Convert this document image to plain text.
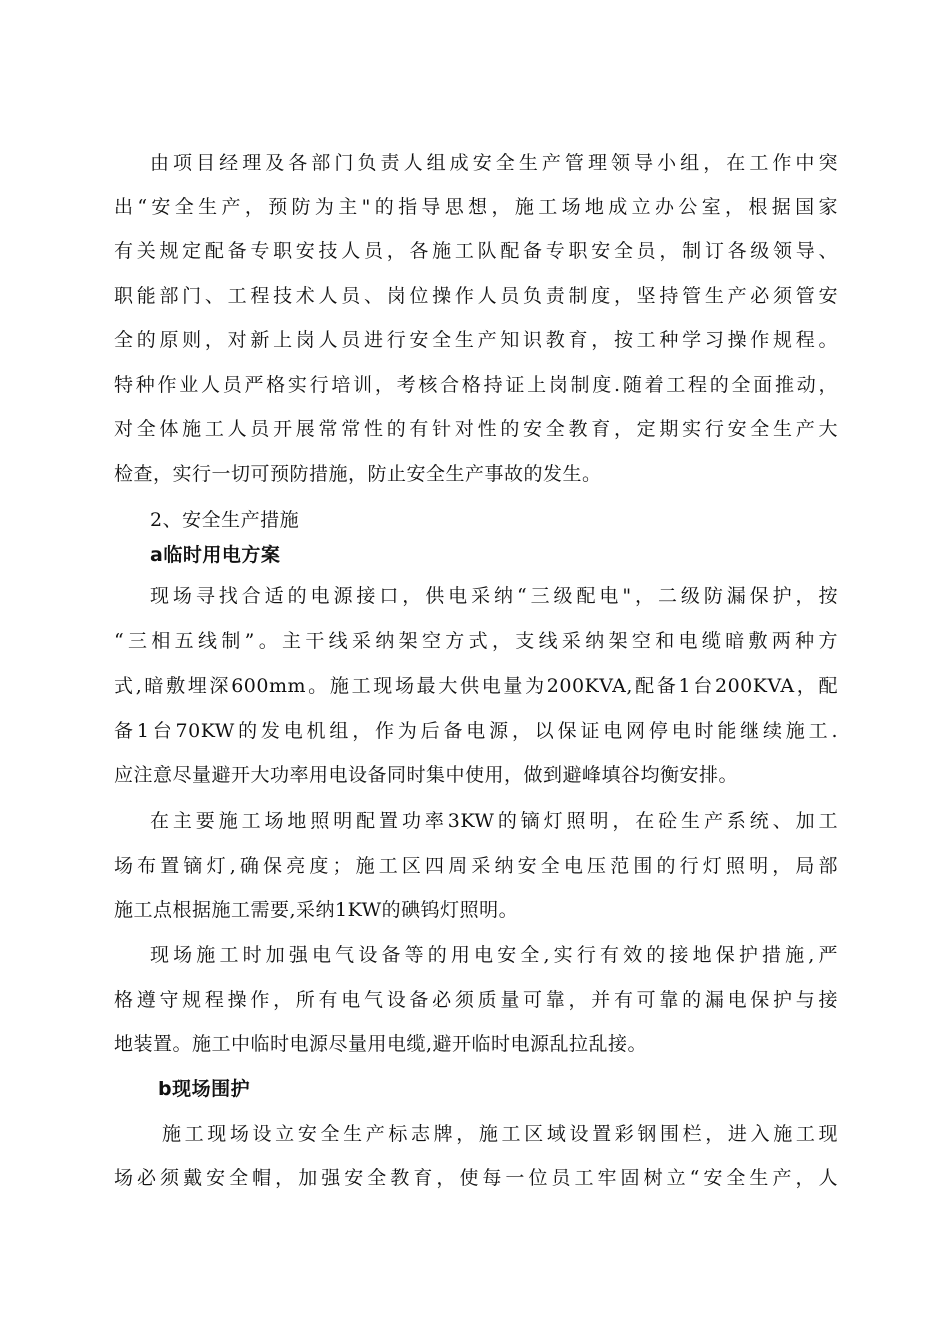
由项目经理及各部门负责人组成安全生产管理领导小组，在工作中突
出“安全生产，预防为主"的指导思想，施工场地成立办公室，根据国家
有关规定配备专职安技人员，各施工队配备专职安全员，制订各级领导、
职能部门、工程技术人员、岗位操作人员负责制度，坚持管生产必须管安
全的原则，对新上岗人员进行安全生产知识教育，按工种学习操作规程。
特种作业人员严格实行培训，考核合格持证上岗制度.随着工程的全面推动，
对全体施工人员开展常常性的有针对性的安全教育，定期实行安全生产大
检查，实行一切可预防措施，防止安全生产事故的发生。
2、安全生产措施
a临时用电方案
现场寻找合适的电源接口，供电采纳“三级配电"，二级防漏保护，按
“三相五线制”。主干线采纳架空方式，支线采纳架空和电缆暗敷两种方
式,暗敷埋深600mm。施工现场最大供电量为200KVA,配备1台200KVA，配
备1台70KW的发电机组，作为后备电源，以保证电网停电时能继续施工.
应注意尽量避开大功率用电设备同时集中使用，做到避峰填谷均衡安排。
在主要施工场地照明配置功率3KW的镝灯照明，在砼生产系统、加工
场布置镝灯,确保亮度；施工区四周采纳安全电压范围的行灯照明，局部
施工点根据施工需要,采纳1KW的碘钨灯照明。
现场施工时加强电气设备等的用电安全,实行有效的接地保护措施,严
格遵守规程操作，所有电气设备必须质量可靠，并有可靠的漏电保护与接
地装置。施工中临时电源尽量用电缆,避开临时电源乱拉乱接。
b现场围护
施工现场设立安全生产标志牌，施工区域设置彩钢围栏，进入施工现
场必须戴安全帽，加强安全教育，使每一位员工牢固树立“安全生产，人
